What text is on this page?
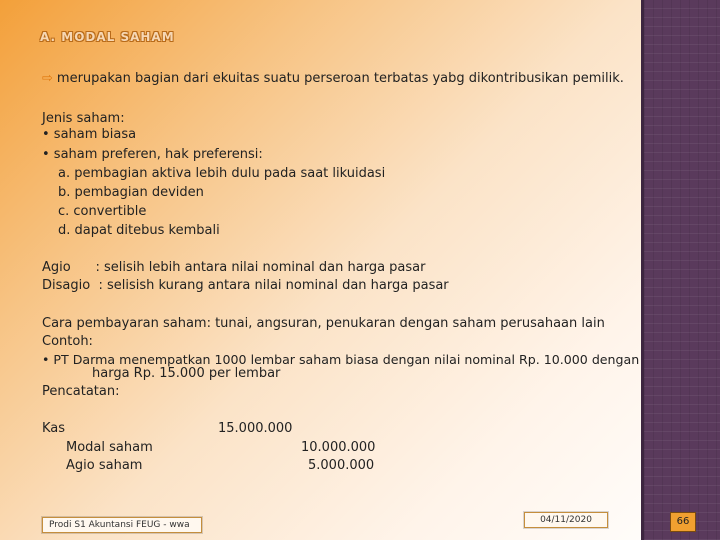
A. MODAL SAHAM
⇨ merupakan bagian dari ekuitas suatu perseroan terbatas yabg dikontribusikan pemilik.
Jenis saham:
• saham biasa
• saham preferen, hak preferensi:
a. pembagian aktiva lebih dulu pada saat likuidasi
b. pembagian deviden
c. convertible
d. dapat ditebus kembali
Agio      : selisih lebih antara nilai nominal dan harga pasar
Disagio  : selisish kurang antara nilai nominal dan harga pasar
Cara pembayaran saham: tunai, angsuran, penukaran dengan saham perusahaan lain
Contoh:
• PT Darma menempatkan 1000 lembar saham biasa dengan nilai nominal Rp. 10.000 dengan
harga Rp. 15.000 per lembar
Pencatatan:
Kas	15.000.000
Modal saham	10.000.000
Agio saham	5.000.000
Prodi S1 Akuntansi FEUG - wwa	04/11/2020	66
